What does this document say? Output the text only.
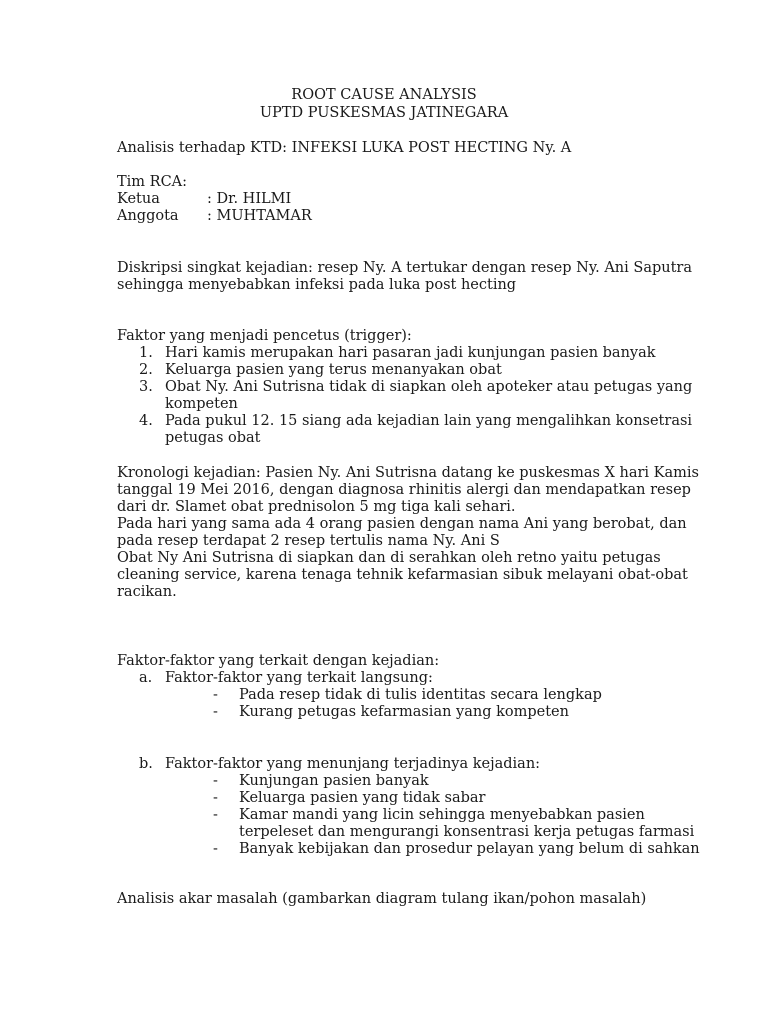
ROOT CAUSE ANALYSIS
UPTD PUSKESMAS JATINEGARA
Analisis terhadap KTD: INFEKSI LUKA POST HECTING Ny. A
Tim RCA:
Ketua	: Dr. HILMI
Anggota : MUHTAMAR
Diskripsi singkat kejadian: resep Ny. A tertukar dengan resep Ny. Ani Saputra
sehingga menyebabkan infeksi pada luka post hecting
Faktor yang menjadi pencetus (trigger):
1. Hari kamis merupakan hari pasaran jadi kunjungan pasien banyak
2. Keluarga pasien yang terus menanyakan obat
3. Obat Ny. Ani Sutrisna tidak di siapkan oleh apoteker atau petugas yang
kompeten
4. Pada pukul 12. 15 siang ada kejadian lain yang mengalihkan konsetrasi
petugas obat
Kronologi kejadian: Pasien Ny. Ani Sutrisna datang ke puskesmas X hari Kamis
tanggal 19 Mei 2016, dengan diagnosa rhinitis alergi dan mendapatkan resep
dari dr. Slamet obat prednisolon 5 mg tiga kali sehari.
Pada hari yang sama ada 4 orang pasien dengan nama Ani yang berobat, dan
pada resep terdapat 2 resep tertulis nama Ny. Ani S
Obat Ny Ani Sutrisna di siapkan dan di serahkan oleh retno yaitu petugas
cleaning service, karena tenaga tehnik kefarmasian sibuk melayani obat-obat
racikan.
Faktor-faktor yang terkait dengan kejadian:
a. Faktor-faktor yang terkait langsung:
- Pada resep tidak di tulis identitas secara lengkap
- Kurang petugas kefarmasian yang kompeten
b. Faktor-faktor yang menunjang terjadinya kejadian:
- Kunjungan pasien banyak
- Keluarga pasien yang tidak sabar
- Kamar mandi yang licin sehingga menyebabkan pasien
terpeleset dan mengurangi konsentrasi kerja petugas farmasi
- Banyak kebijakan dan prosedur pelayan yang belum di sahkan
Analisis akar masalah (gambarkan diagram tulang ikan/pohon masalah)
